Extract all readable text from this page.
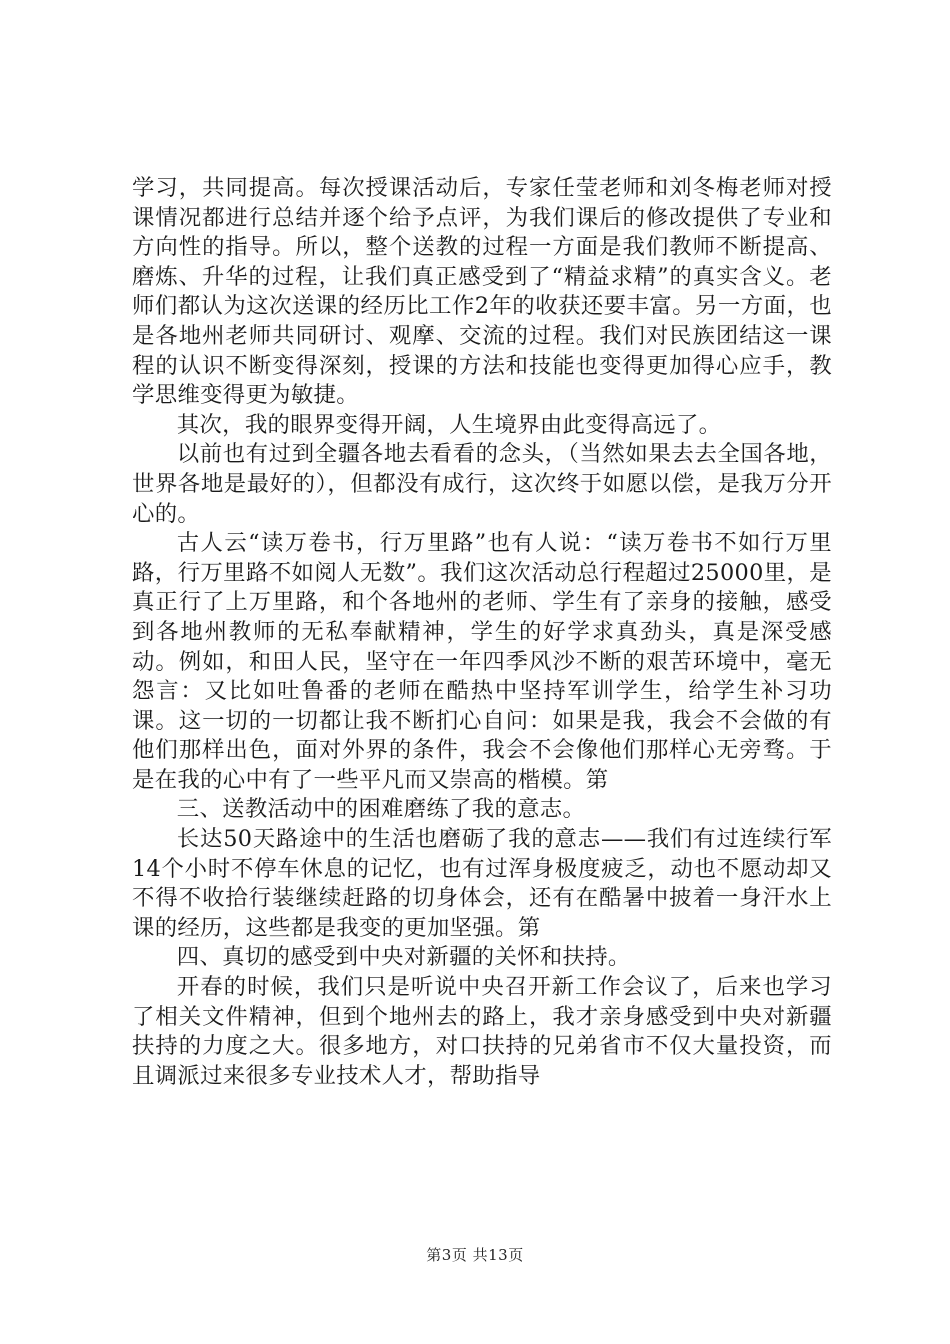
学习，共同提高。每次授课活动后，专家任莹老师和刘冬梅老师对授课情况都进行总结并逐个给予点评，为我们课后的修改提供了专业和方向性的指导。所以，整个送教的过程一方面是我们教师不断提高、磨炼、升华的过程，让我们真正感受到了“精益求精”的真实含义。老师们都认为这次送课的经历比工作2年的收获还要丰富。另一方面，也是各地州老师共同研讨、观摩、交流的过程。我们对民族团结这一课程的认识不断变得深刻，授课的方法和技能也变得更加得心应手，教学思维变得更为敏捷。

其次，我的眼界变得开阔，人生境界由此变得高远了。

以前也有过到全疆各地去看看的念头，（当然如果去去全国各地，世界各地是最好的），但都没有成行，这次终于如愿以偿，是我万分开心的。

古人云“读万卷书，行万里路”也有人说：“读万卷书不如行万里路，行万里路不如阅人无数”。我们这次活动总行程超过25000里，是真正行了上万里路，和个各地州的老师、学生有了亲身的接触，感受到各地州教师的无私奉献精神，学生的好学求真劲头，真是深受感动。例如，和田人民，坚守在一年四季风沙不断的艰苦环境中，毫无怨言：又比如吐鲁番的老师在酷热中坚持军训学生，给学生补习功课。这一切的一切都让我不断扪心自问：如果是我，我会不会做的有他们那样出色，面对外界的条件，我会不会像他们那样心无旁骛。于是在我的心中有了一些平凡而又崇高的楷模。第

三、送教活动中的困难磨练了我的意志。

长达50天路途中的生活也磨砺了我的意志——我们有过连续行军14个小时不停车休息的记忆，也有过浑身极度疲乏，动也不愿动却又不得不收拾行装继续赶路的切身体会，还有在酷暑中披着一身汗水上课的经历，这些都是我变的更加坚强。第

四、真切的感受到中央对新疆的关怀和扶持。

开春的时候，我们只是听说中央召开新工作会议了，后来也学习了相关文件精神，但到个地州去的路上，我才亲身感受到中央对新疆扶持的力度之大。很多地方，对口扶持的兄弟省市不仅大量投资，而且调派过来很多专业技术人才，帮助指导

第3页 共13页
